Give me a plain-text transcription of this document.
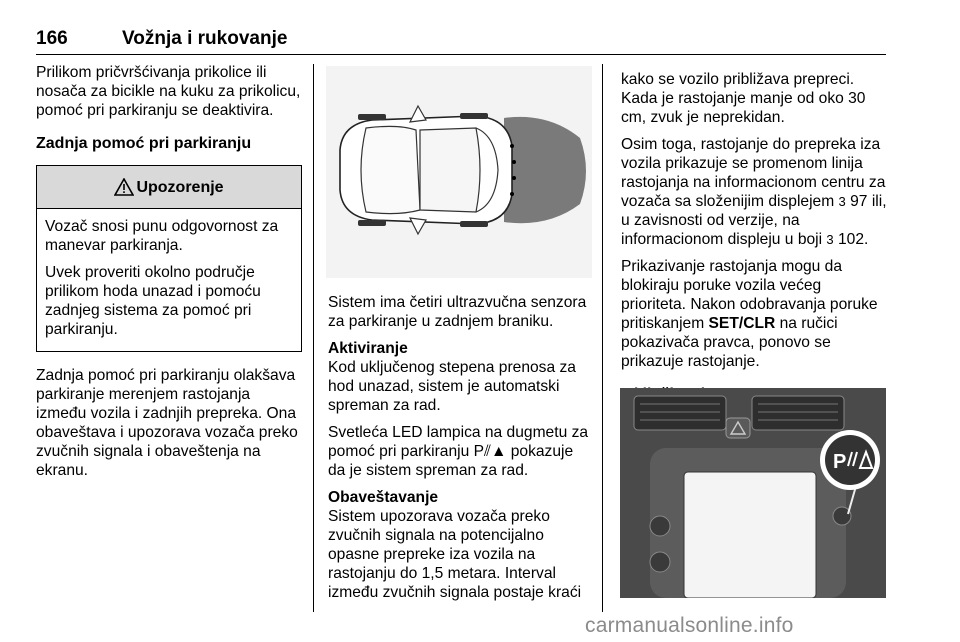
166	Vožnja i rukovanje

Prilikom pričvršćivanja prikolice ili nosača za bicikle na kuku za prikolicu, pomoć pri parkiranju se deaktivira.

Zadnja pomoć pri parkiranju

Upozorenje

Vozač snosi punu odgovornost za manevar parkiranja.

Uvek proveriti okolno područje prilikom hoda unazad i pomoću zadnjeg sistema za pomoć pri parkiranju.

Zadnja pomoć pri parkiranju olakšava parkiranje merenjem rastojanja između vozila i zadnjih prepreka. Ona obaveštava i upozorava vozača preko zvučnih signala i obaveštenja na ekranu.

Sistem ima četiri ultrazvučna senzora za parkiranje u zadnjem braniku.

Aktiviranje

Kod uključenog stepena prenosa za hod unazad, sistem je automatski spreman za rad.

Svetleća LED lampica na dugmetu za pomoć pri parkiranju P⫽▲ pokazuje da je sistem spreman za rad.

Obaveštavanje

Sistem upozorava vozača preko zvučnih signala na potencijalno opasne prepreke iza vozila na rastojanju do 1,5 metara. Interval između zvučnih signala postaje kraći

kako se vozilo približava prepreci. Kada je rastojanje manje od oko 30 cm, zvuk je neprekidan.

Osim toga, rastojanje do prepreka iza vozila prikazuje se promenom linija rastojanja na informacionom centru za vozača sa složenijim displejem 3 97 ili, u zavisnosti od verzije, na informacionom displeju u boji 3 102.

Prikazivanje rastojanja mogu da blokiraju poruke vozila većeg prioriteta. Nakon odobravanja poruke pritiskanjem SET/CLR na ručici pokazivača pravca, ponovo se prikazuje rastojanje.

P
carmanualsonline.info
